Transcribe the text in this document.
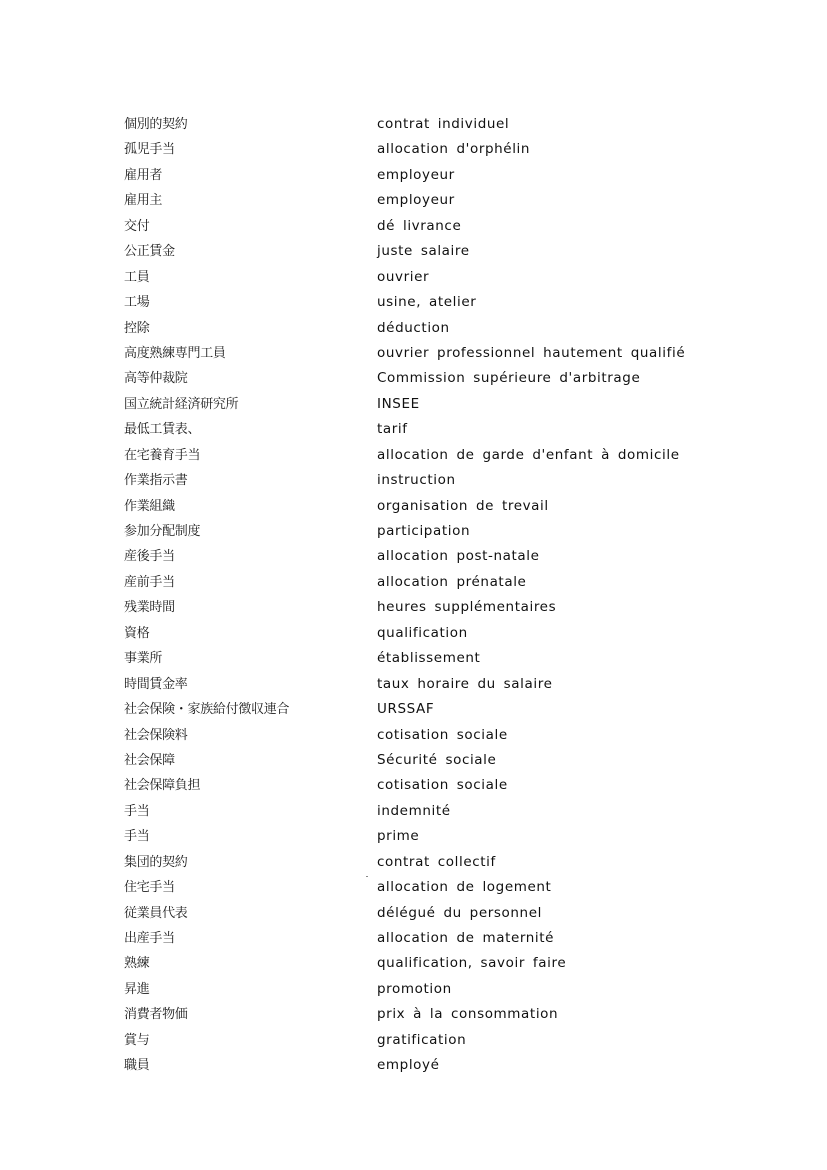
個別的契約	contrat individuel
孤児手当	allocation d'orphélin
雇用者	employeur
雇用主	employeur
交付	dé livrance
公正賃金	juste salaire
工員	ouvrier
工場	usine, atelier
控除	déduction
高度熟練専門工員	ouvrier professionnel hautement qualifié
高等仲裁院	Commission supérieure d'arbitrage
国立統計経済研究所	INSEE
最低工賃表、	tarif
在宅養育手当	allocation de garde d'enfant à domicile
作業指示書	instruction
作業組織	organisation de trevail
参加分配制度	participation
産後手当	allocation post-natale
産前手当	allocation prénatale
残業時間	heures supplémentaires
資格	qualification
事業所	établissement
時間賃金率	taux horaire du salaire
社会保険・家族給付徴収連合	URSSAF
社会保険料	cotisation sociale
社会保障	Sécurité sociale
社会保障負担	cotisation sociale
手当	indemnité
手当	prime
集団的契約	contrat collectif
住宅手当	allocation de logement
従業員代表	délégué du personnel
出産手当	allocation de maternité
熟練	qualification, savoir faire
昇進	promotion
消費者物価	prix à la consommation
賞与	gratification
職員	employé
